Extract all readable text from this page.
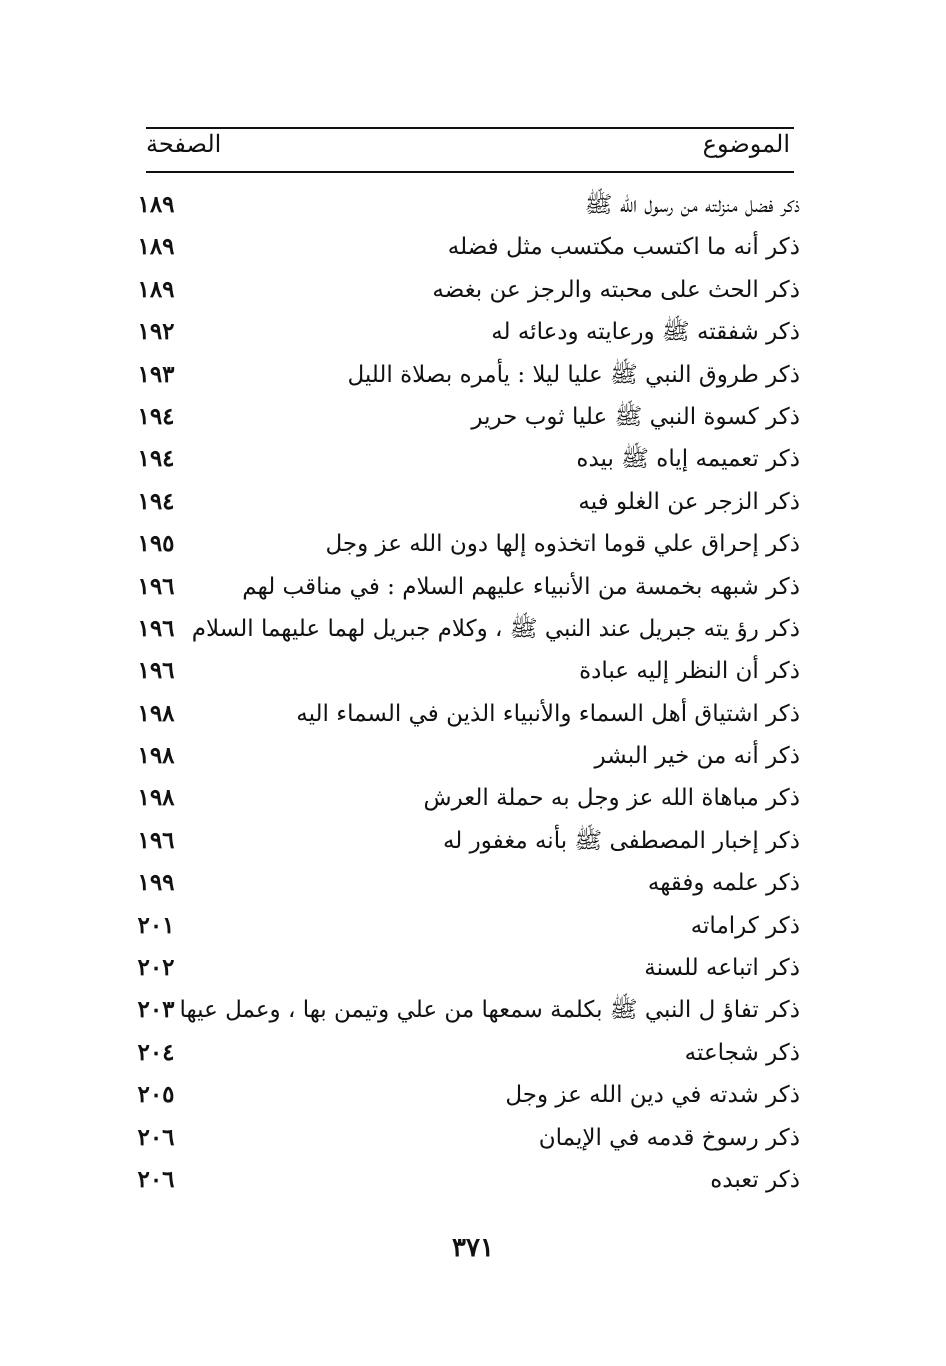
الموضوع
الصفحة
ذكر فضل منزلته من رسول الله ﷺ
١٨٩
ذكر أنه ما اكتسب مكتسب مثل فضله
١٨٩
ذكر الحث على محبته والرجز عن بغضه
١٨٩
ذكر شفقته ﷺ ورعايته ودعائه له
١٩٢
ذكر طروق النبي ﷺ عليا ليلا : يأمره بصلاة الليل
١٩٣
ذكر كسوة النبي ﷺ عليا ثوب حرير
١٩٤
ذكر تعميمه إياه ﷺ بيده
١٩٤
ذكر الزجر عن الغلو فيه
١٩٤
ذكر إحراق علي قوما اتخذوه إلها دون الله عز وجل
١٩٥
ذكر شبهه بخمسة من الأنبياء عليهم السلام : في مناقب لهم
١٩٦
ذكر رؤ يته جبريل عند النبي ﷺ ، وكلام جبريل لهما عليهما السلام
١٩٦
ذكر أن النظر إليه عبادة
١٩٦
ذكر اشتياق أهل السماء والأنبياء الذين في السماء اليه
١٩٨
ذكر أنه من خير البشر
١٩٨
ذكر مباهاة الله عز وجل به حملة العرش
١٩٨
ذكر إخبار المصطفى ﷺ بأنه مغفور له
١٩٦
ذكر علمه وفقهه
١٩٩
ذكر كراماته
٢٠١
ذكر اتباعه للسنة
٢٠٢
ذكر تفاؤ ل النبي ﷺ بكلمة سمعها من علي وتيمن بها ، وعمل عيها
٢٠٣
ذكر شجاعته
٢٠٤
ذكر شدته في دين الله عز وجل
٢٠٥
ذكر رسوخ قدمه في الإيمان
٢٠٦
ذكر تعبده
٢٠٦
٣٧١
